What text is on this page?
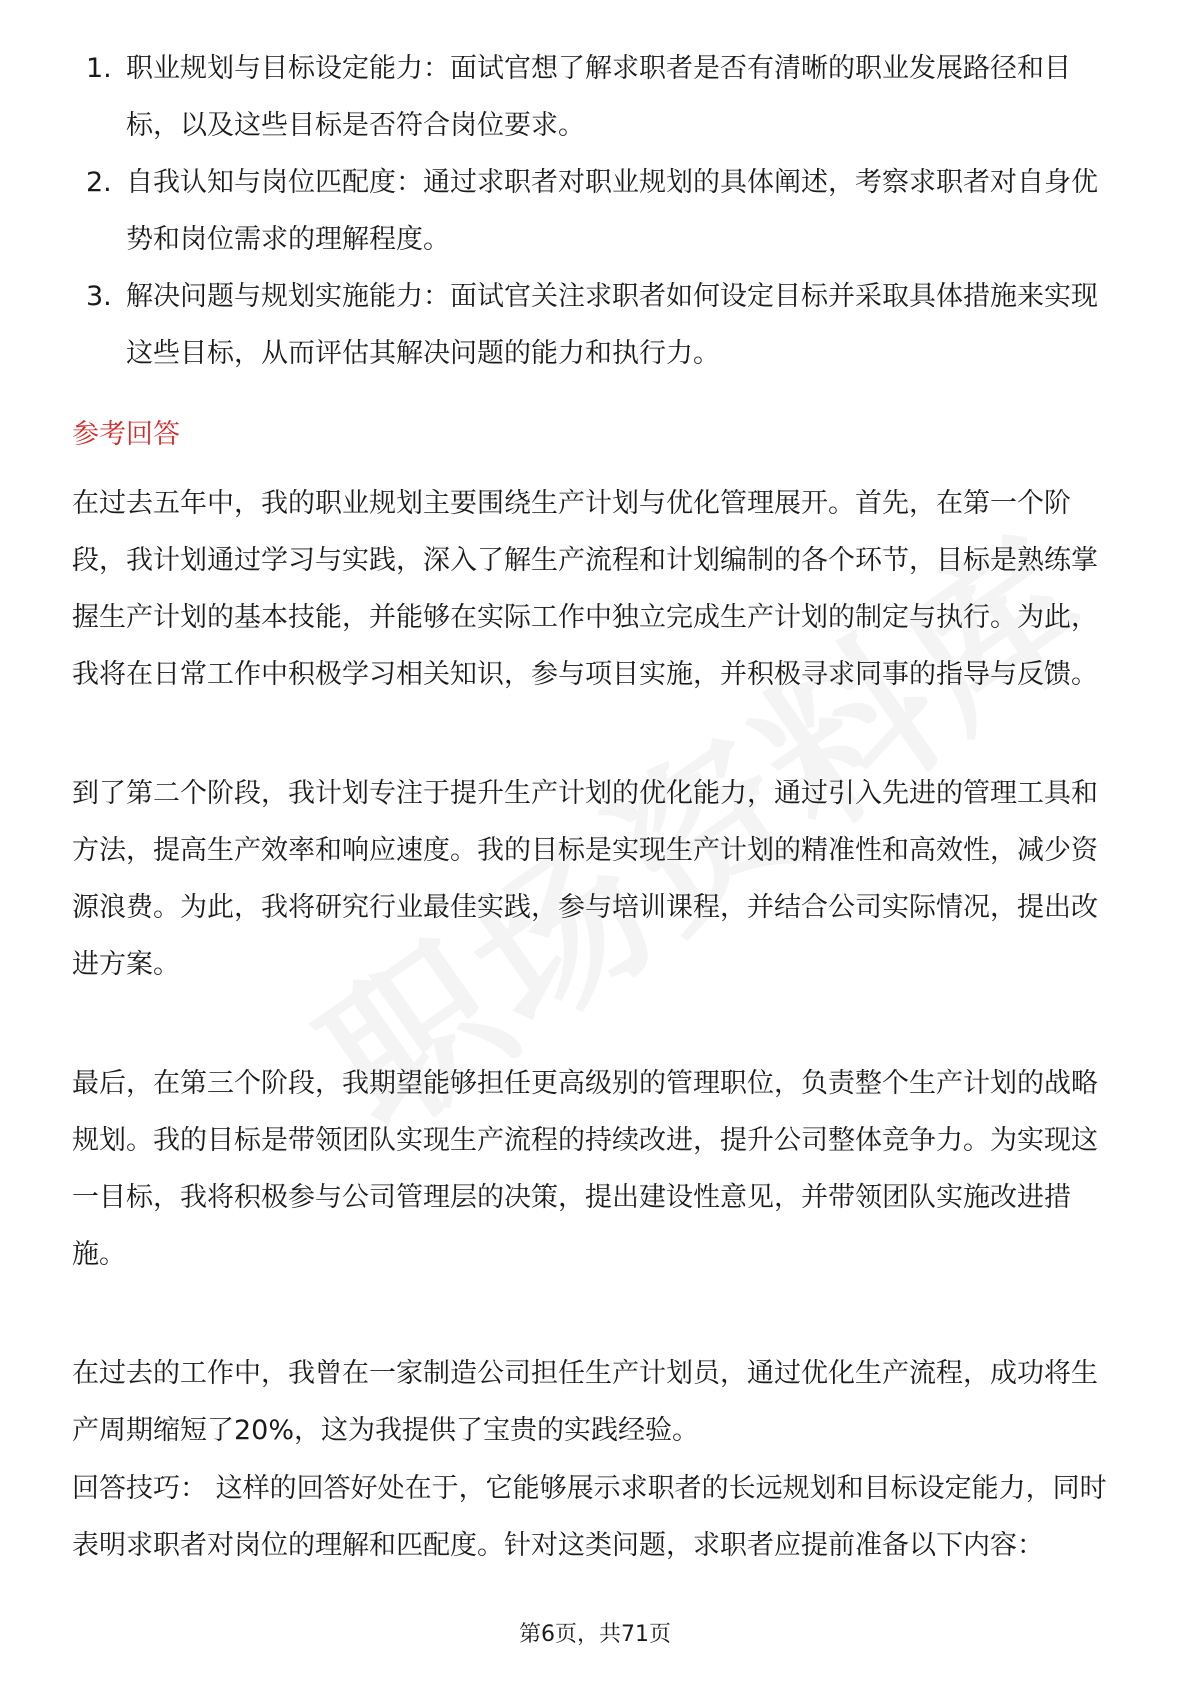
1. 职业规划与目标设定能力：面试官想了解求职者是否有清晰的职业发展路径和目标，以及这些目标是否符合岗位要求。
2. 自我认知与岗位匹配度：通过求职者对职业规划的具体阐述，考察求职者对自身优势和岗位需求的理解程度。
3. 解决问题与规划实施能力：面试官关注求职者如何设定目标并采取具体措施来实现这些目标，从而评估其解决问题的能力和执行力。
参考回答

在过去五年中，我的职业规划主要围绕生产计划与优化管理展开。首先，在第一个阶段，我计划通过学习与实践，深入了解生产流程和计划编制的各个环节，目标是熟练掌握生产计划的基本技能，并能够在实际工作中独立完成生产计划的制定与执行。为此，我将在日常工作中积极学习相关知识，参与项目实施，并积极寻求同事的指导与反馈。

到了第二个阶段，我计划专注于提升生产计划的优化能力，通过引入先进的管理工具和方法，提高生产效率和响应速度。我的目标是实现生产计划的精准性和高效性，减少资源浪费。为此，我将研究行业最佳实践，参与培训课程，并结合公司实际情况，提出改进方案。

最后，在第三个阶段，我期望能够担任更高级别的管理职位，负责整个生产计划的战略规划。我的目标是带领团队实现生产流程的持续改进，提升公司整体竞争力。为实现这一目标，我将积极参与公司管理层的决策，提出建设性意见，并带领团队实施改进措施。

在过去的工作中，我曾在一家制造公司担任生产计划员，通过优化生产流程，成功将生产周期缩短了20%，这为我提供了宝贵的实践经验。

回答技巧： 这样的回答好处在于，它能够展示求职者的长远规划和目标设定能力，同时表明求职者对岗位的理解和匹配度。针对这类问题，求职者应提前准备以下内容：

第6页，共71页
